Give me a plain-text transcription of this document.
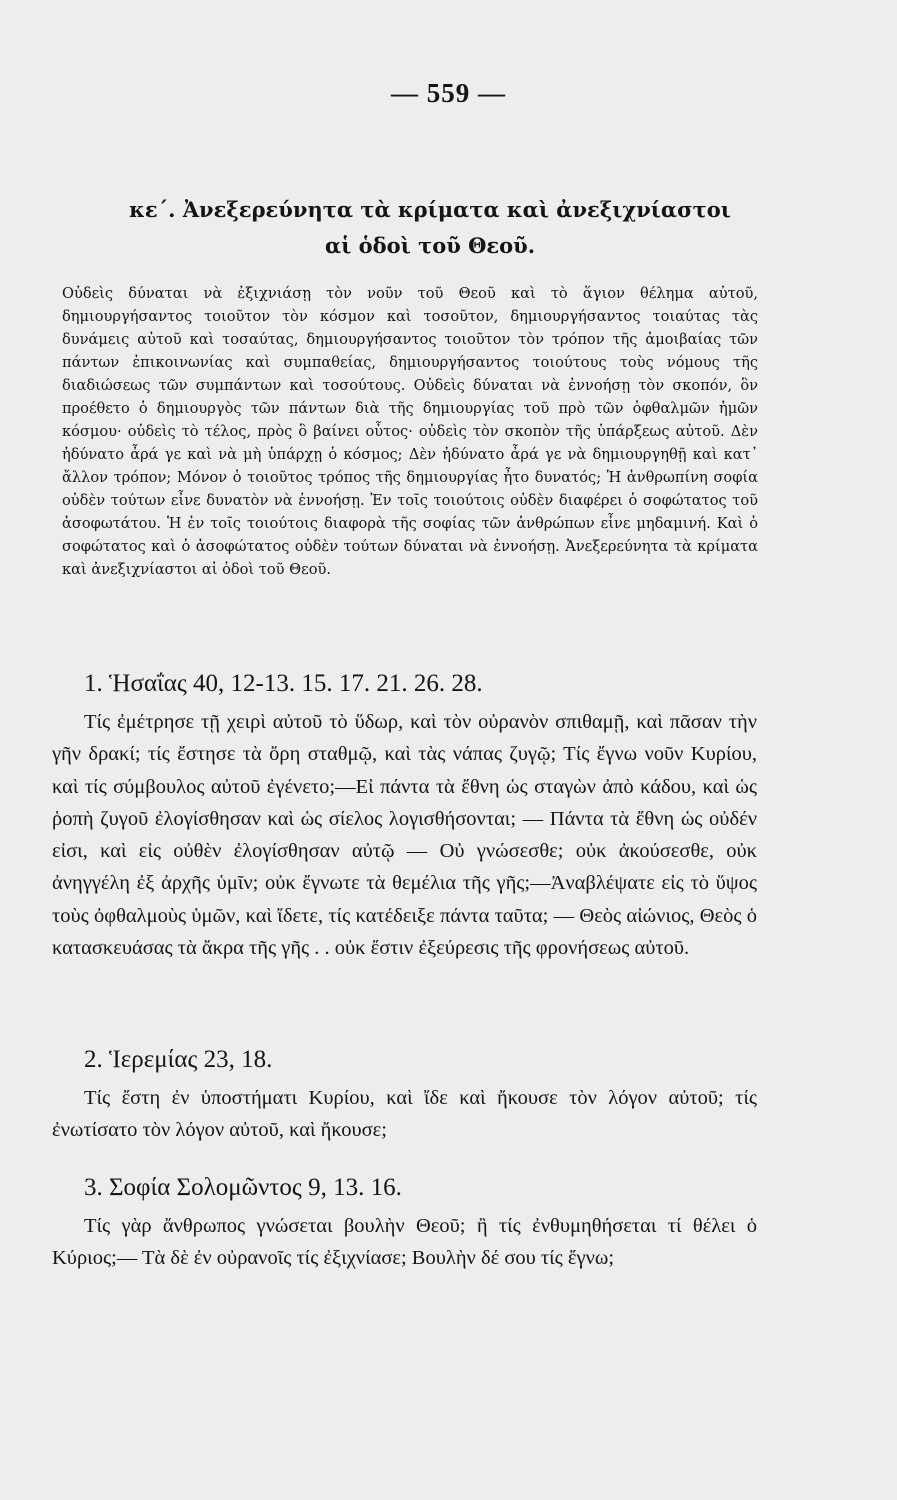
— 559 —
κε΄. Ἀνεξερεύνητα τὰ κρίματα καὶ ἀνεξιχνίαστοι
αἱ ὁδοὶ τοῦ Θεοῦ.
Οὐδεὶς δύναται νὰ ἐξιχνιάσῃ τὸν νοῦν τοῦ Θεοῦ καὶ τὸ ἅγιον θέλημα αὐτοῦ, δημιουργήσαντος τοιοῦτον τὸν κόσμον καὶ τοσοῦτον, δημιουργήσαντος τοιαύτας τὰς δυνάμεις αὐτοῦ καὶ τοσαύτας, δημιουργήσαντος τοιοῦτον τὸν τρόπον τῆς ἀμοιβαίας τῶν πάντων ἐπικοινωνίας καὶ συμπαθείας, δημιουργήσαντος τοιούτους τοὺς νόμους τῆς διαδιώσεως τῶν συμπάντων καὶ τοσούτους. Οὐδεὶς δύναται νὰ ἐννοήσῃ τὸν σκοπόν, ὃν προέθετο ὁ δημιουργὸς τῶν πάντων διὰ τῆς δημιουργίας τοῦ πρὸ τῶν ὀφθαλμῶν ἡμῶν κόσμου· οὐδεὶς τὸ τέλος, πρὸς ὃ βαίνει οὗτος· οὐδεὶς τὸν σκοπὸν τῆς ὑπάρξεως αὐτοῦ. Δὲν ἠδύνατο ἆρά γε καὶ νὰ μὴ ὑπάρχῃ ὁ κόσμος; Δὲν ἠδύνατο ἆρά γε νὰ δημιουργηθῇ καὶ κατ᾽ ἄλλον τρόπον; Μόνον ὁ τοιοῦτος τρόπος τῆς δημιουργίας ἦτο δυνατός; Ἡ ἀνθρωπίνη σοφία οὐδὲν τούτων εἶνε δυνατὸν νὰ ἐννοήσῃ. Ἐν τοῖς τοιούτοις οὐδὲν διαφέρει ὁ σοφώτατος τοῦ ἀσοφωτάτου. Ἡ ἐν τοῖς τοιούτοις διαφορὰ τῆς σοφίας τῶν ἀνθρώπων εἶνε μηδαμινή. Καὶ ὁ σοφώτατος καὶ ὁ ἀσοφώτατος οὐδὲν τούτων δύναται νὰ ἐννοήσῃ. Ἀνεξερεύνητα τὰ κρίματα καὶ ἀνεξιχνίαστοι αἱ ὁδοὶ τοῦ Θεοῦ.
1. Ἡσαΐας 40, 12-13. 15. 17. 21. 26. 28.
Τίς ἐμέτρησε τῇ χειρὶ αὐτοῦ τὸ ὕδωρ, καὶ τὸν οὐρανὸν σπιθαμῇ, καὶ πᾶσαν τὴν γῆν δρακί; τίς ἔστησε τὰ ὄρη σταθμῷ, καὶ τὰς νάπας ζυγῷ; Τίς ἔγνω νοῦν Κυρίου, καὶ τίς σύμβουλος αὐτοῦ ἐγένετο;—Εἰ πάντα τὰ ἔθνη ὡς σταγὼν ἀπὸ κάδου, καὶ ὡς ῥοπὴ ζυγοῦ ἐλογίσθησαν καὶ ὡς σίελος λογισθήσονται; — Πάντα τὰ ἔθνη ὡς οὐδέν εἰσι, καὶ εἰς οὐθὲν ἐλογίσθησαν αὐτῷ — Οὐ γνώσεσθε; οὐκ ἀκούσεσθε, οὐκ ἀνηγγέλη ἐξ ἀρχῆς ὑμῖν; οὐκ ἔγνωτε τὰ θεμέλια τῆς γῆς;—Ἀναβλέψατε εἰς τὸ ὕψος τοὺς ὀφθαλμοὺς ὑμῶν, καὶ ἴδετε, τίς κατέδειξε πάντα ταῦτα; — Θεὸς αἰώνιος, Θεὸς ὁ κατασκευάσας τὰ ἄκρα τῆς γῆς . . οὐκ ἔστιν ἐξεύρεσις τῆς φρονήσεως αὐτοῦ.
2. Ἱερεμίας 23, 18.
Τίς ἔστη ἐν ὑποστήματι Κυρίου, καὶ ἴδε καὶ ἤκουσε τὸν λόγον αὐτοῦ; τίς ἐνωτίσατο τὸν λόγον αὐτοῦ, καὶ ἤκουσε;
3. Σοφία Σολομῶντος 9, 13. 16.
Τίς γὰρ ἄνθρωπος γνώσεται βουλὴν Θεοῦ; ἢ τίς ἐνθυμηθήσεται τί θέλει ὁ Κύριος;— Τὰ δὲ ἐν οὐρανοῖς τίς ἐξιχνίασε; Βουλὴν δέ σου τίς ἔγνω;
